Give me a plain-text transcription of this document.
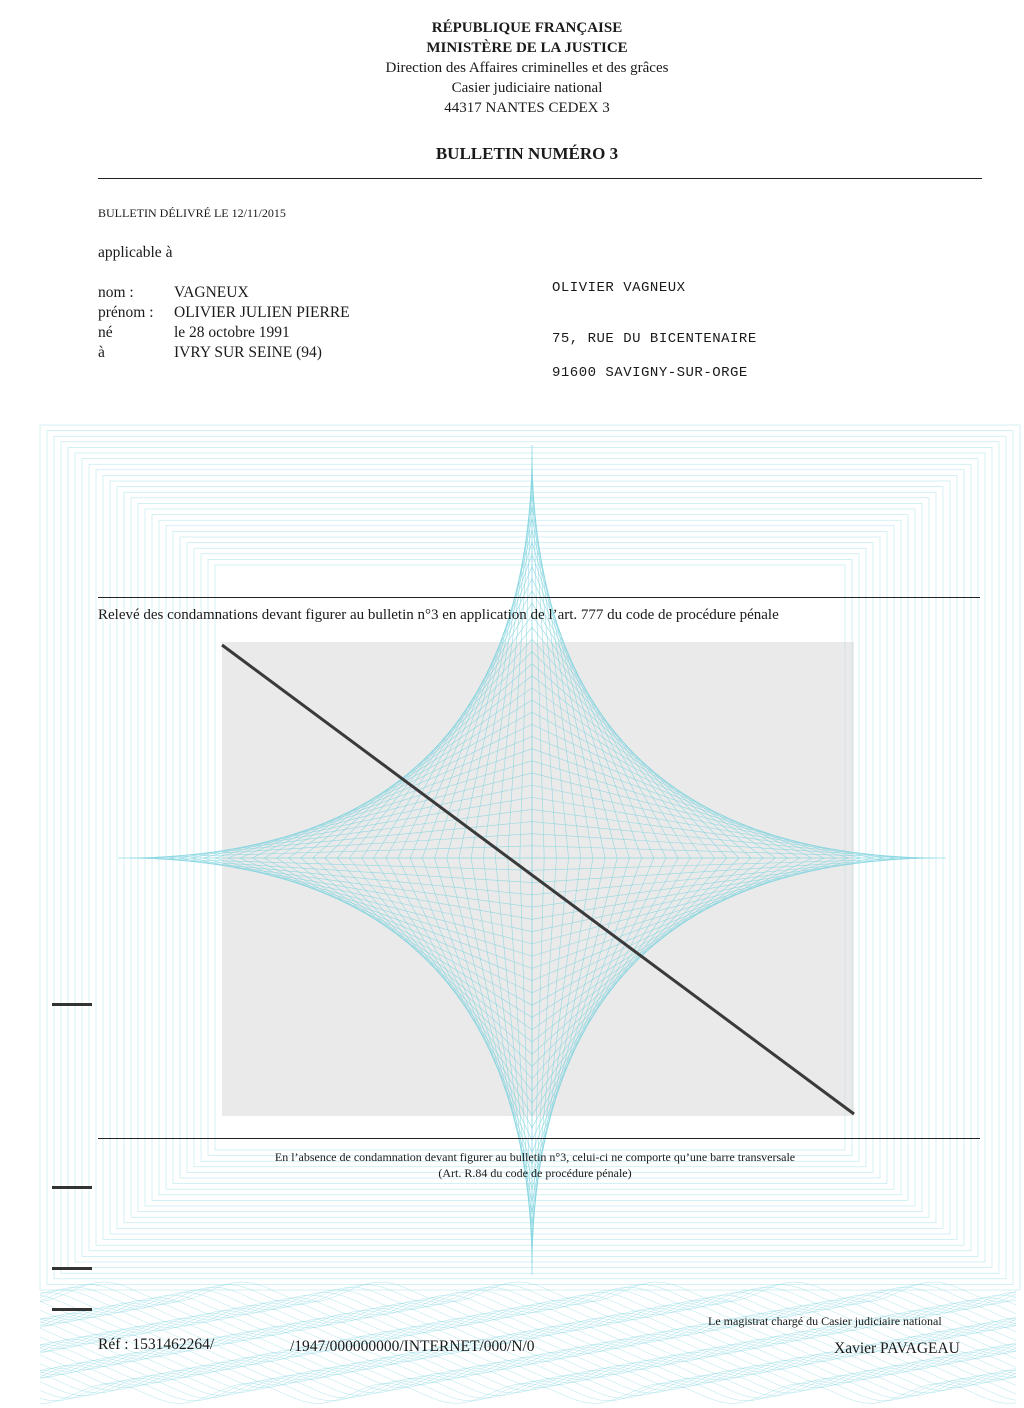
RÉPUBLIQUE FRANÇAISE
MINISTÈRE DE LA JUSTICE
Direction des Affaires criminelles et des grâces
Casier judiciaire national
44317 NANTES CEDEX 3
BULLETIN NUMÉRO 3
BULLETIN DÉLIVRÉ LE 12/11/2015
applicable à
nom :	VAGNEUX
prénom : OLIVIER JULIEN PIERRE
né	le 28 octobre 1991
à	IVRY SUR SEINE (94)
OLIVIER VAGNEUX
75, RUE DU BICENTENAIRE
91600 SAVIGNY-SUR-ORGE
Relevé des condamnations devant figurer au bulletin n°3 en application de l’art. 777 du code de procédure pénale
En l’absence de condamnation devant figurer au bulletin n°3, celui-ci ne comporte qu’une barre transversale
(Art. R.84 du code de procédure pénale)
Le magistrat chargé du Casier judiciaire national
Xavier PAVAGEAU
Réf : 1531462264/	/1947/000000000/INTERNET/000/N/0
